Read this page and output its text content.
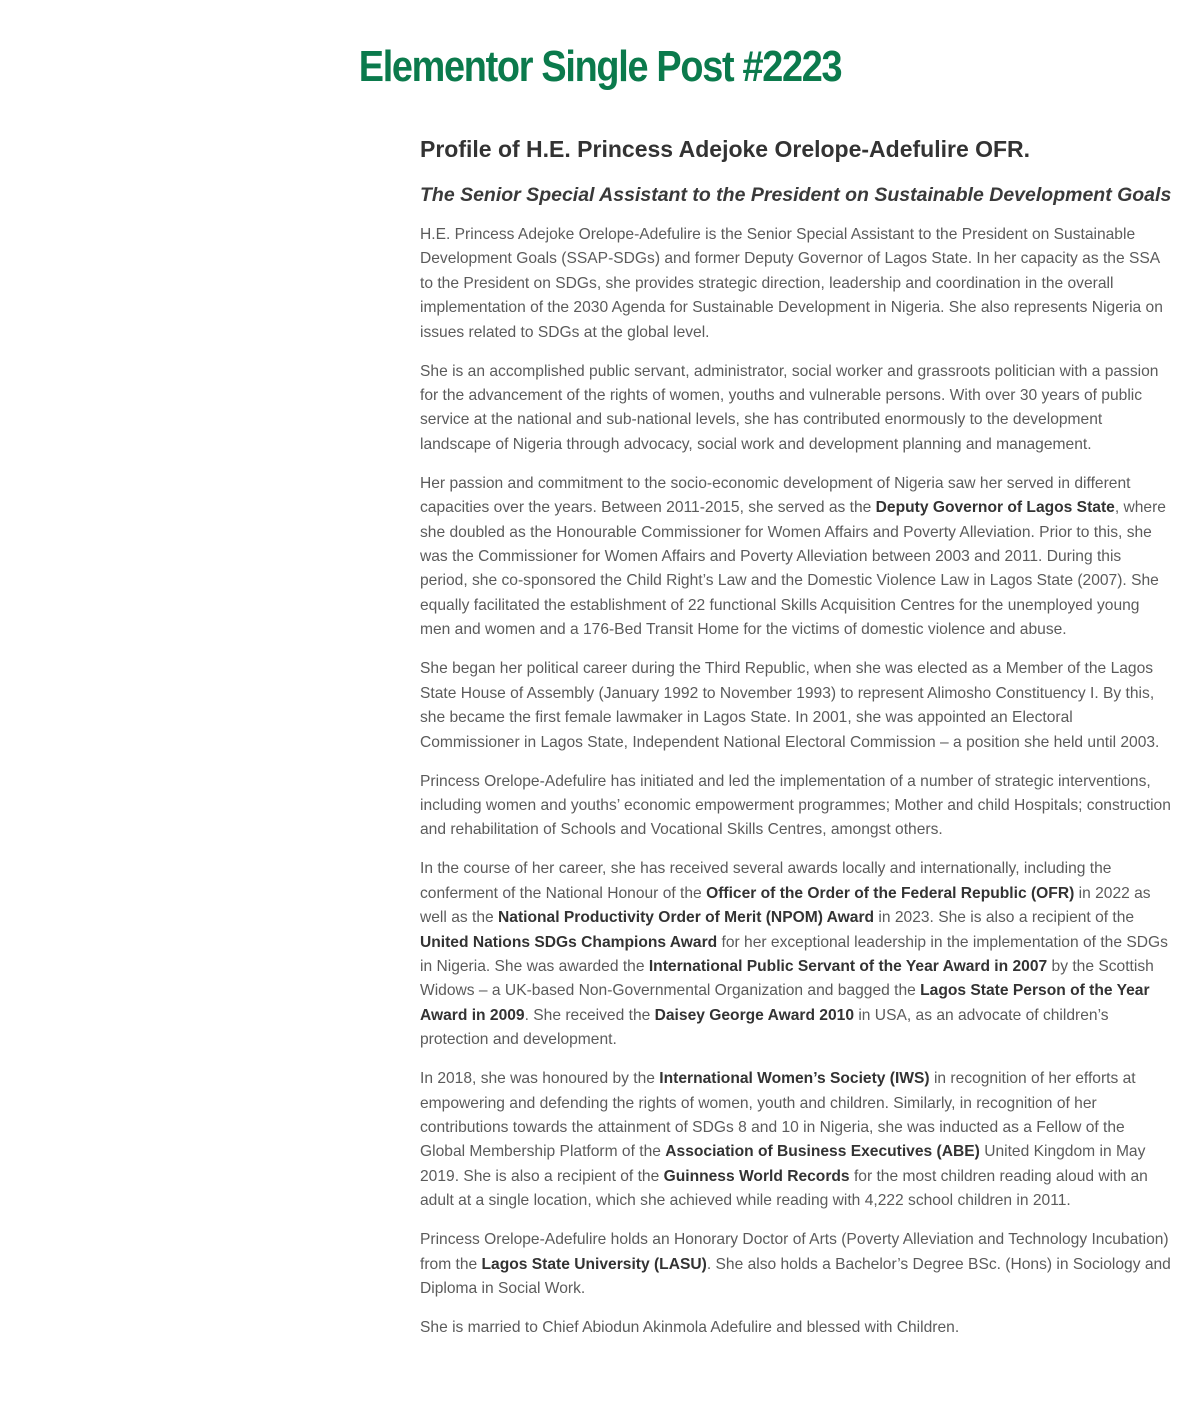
Elementor Single Post #2223
Profile of H.E. Princess Adejoke Orelope-Adefulire OFR.
The Senior Special Assistant to the President on Sustainable Development Goals

H.E. Princess Adejoke Orelope-Adefulire is the Senior Special Assistant to the President on Sustainable Development Goals (SSAP-SDGs) and former Deputy Governor of Lagos State. In her capacity as the SSA to the President on SDGs, she provides strategic direction, leadership and coordination in the overall implementation of the 2030 Agenda for Sustainable Development in Nigeria. She also represents Nigeria on issues related to SDGs at the global level.

She is an accomplished public servant, administrator, social worker and grassroots politician with a passion for the advancement of the rights of women, youths and vulnerable persons. With over 30 years of public service at the national and sub-national levels, she has contributed enormously to the development landscape of Nigeria through advocacy, social work and development planning and management.

Her passion and commitment to the socio-economic development of Nigeria saw her served in different capacities over the years. Between 2011-2015, she served as the Deputy Governor of Lagos State, where she doubled as the Honourable Commissioner for Women Affairs and Poverty Alleviation. Prior to this, she was the Commissioner for Women Affairs and Poverty Alleviation between 2003 and 2011. During this period, she co-sponsored the Child Right’s Law and the Domestic Violence Law in Lagos State (2007). She equally facilitated the establishment of 22 functional Skills Acquisition Centres for the unemployed young men and women and a 176-Bed Transit Home for the victims of domestic violence and abuse.

She began her political career during the Third Republic, when she was elected as a Member of the Lagos State House of Assembly (January 1992 to November 1993) to represent Alimosho Constituency I. By this, she became the first female lawmaker in Lagos State. In 2001, she was appointed an Electoral Commissioner in Lagos State, Independent National Electoral Commission – a position she held until 2003.

Princess Orelope-Adefulire has initiated and led the implementation of a number of strategic interventions, including women and youths’ economic empowerment programmes; Mother and child Hospitals; construction and rehabilitation of Schools and Vocational Skills Centres, amongst others.

In the course of her career, she has received several awards locally and internationally, including the conferment of the National Honour of the Officer of the Order of the Federal Republic (OFR) in 2022 as well as the National Productivity Order of Merit (NPOM) Award in 2023. She is also a recipient of the United Nations SDGs Champions Award for her exceptional leadership in the implementation of the SDGs in Nigeria. She was awarded the International Public Servant of the Year Award in 2007 by the Scottish Widows – a UK-based Non-Governmental Organization and bagged the Lagos State Person of the Year Award in 2009. She received the Daisey George Award 2010 in USA, as an advocate of children’s protection and development.

In 2018, she was honoured by the International Women’s Society (IWS) in recognition of her efforts at empowering and defending the rights of women, youth and children. Similarly, in recognition of her contributions towards the attainment of SDGs 8 and 10 in Nigeria, she was inducted as a Fellow of the Global Membership Platform of the Association of Business Executives (ABE) United Kingdom in May 2019. She is also a recipient of the Guinness World Records for the most children reading aloud with an adult at a single location, which she achieved while reading with 4,222 school children in 2011.

Princess Orelope-Adefulire holds an Honorary Doctor of Arts (Poverty Alleviation and Technology Incubation) from the Lagos State University (LASU). She also holds a Bachelor’s Degree BSc. (Hons) in Sociology and Diploma in Social Work.

She is married to Chief Abiodun Akinmola Adefulire and blessed with Children.
